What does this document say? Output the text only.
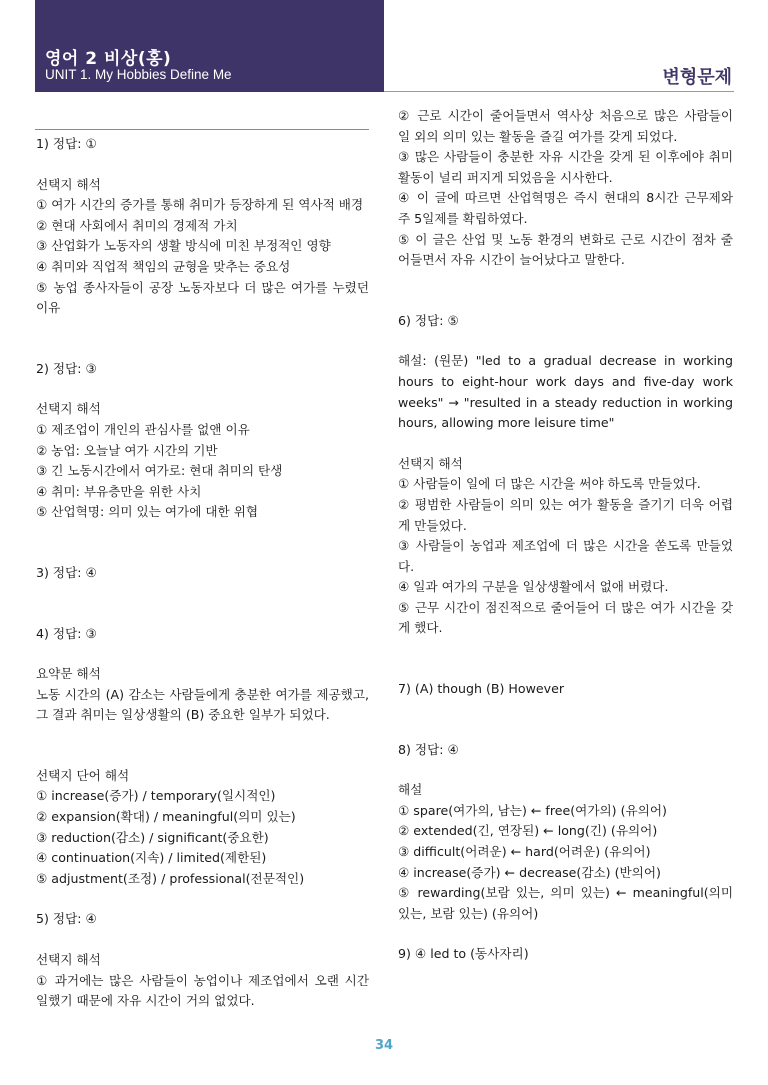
영어 2 비상(홍)
UNIT 1. My Hobbies Define Me	변형문제

1) 정답: ①

선택지 해석

① 여가 시간의 증가를 통해 취미가 등장하게 된 역사적 배경

② 현대 사회에서 취미의 경제적 가치

③ 산업화가 노동자의 생활 방식에 미친 부정적인 영향

④ 취미와 직업적 책임의 균형을 맞추는 중요성

⑤ 농업 종사자들이 공장 노동자보다 더 많은 여가를 누렸던 이유

2) 정답: ③

선택지 해석

① 제조업이 개인의 관심사를 없앤 이유

② 농업: 오늘날 여가 시간의 기반

③ 긴 노동시간에서 여가로: 현대 취미의 탄생

④ 취미: 부유층만을 위한 사치

⑤ 산업혁명: 의미 있는 여가에 대한 위협

3) 정답: ④

4) 정답: ③

요약문 해석

노동 시간의 (A) 감소는 사람들에게 충분한 여가를 제공했고, 그 결과 취미는 일상생활의 (B) 중요한 일부가 되었다.

선택지 단어 해석

① increase(증가) / temporary(일시적인)

② expansion(확대) / meaningful(의미 있는)

③ reduction(감소) / significant(중요한)

④ continuation(지속) / limited(제한된)

⑤ adjustment(조정) / professional(전문적인)

5) 정답: ④

선택지 해석

① 과거에는 많은 사람들이 농업이나 제조업에서 오랜 시간 일했기 때문에 자유 시간이 거의 없었다.

② 근로 시간이 줄어들면서 역사상 처음으로 많은 사람들이 일 외의 의미 있는 활동을 즐길 여가를 갖게 되었다.

③ 많은 사람들이 충분한 자유 시간을 갖게 된 이후에야 취미 활동이 널리 퍼지게 되었음을 시사한다.

④ 이 글에 따르면 산업혁명은 즉시 현대의 8시간 근무제와 주 5일제를 확립하였다.

⑤ 이 글은 산업 및 노동 환경의 변화로 근로 시간이 점차 줄어들면서 자유 시간이 늘어났다고 말한다.

6) 정답: ⑤

해설: (원문) "led to a gradual decrease in working hours to eight-hour work days and five-day work weeks" → "resulted in a steady reduction in working hours, allowing more leisure time"

선택지 해석

① 사람들이 일에 더 많은 시간을 써야 하도록 만들었다.

② 평범한 사람들이 의미 있는 여가 활동을 즐기기 더욱 어렵게 만들었다.

③ 사람들이 농업과 제조업에 더 많은 시간을 쏟도록 만들었다.

④ 일과 여가의 구분을 일상생활에서 없애 버렸다.

⑤ 근무 시간이 점진적으로 줄어들어 더 많은 여가 시간을 갖게 했다.

7) (A) though (B) However

8) 정답: ④

해설

① spare(여가의, 남는) ← free(여가의) (유의어)

② extended(긴, 연장된) ← long(긴) (유의어)

③ difficult(어려운) ← hard(어려운) (유의어)

④ increase(증가) ← decrease(감소) (반의어)

⑤ rewarding(보람 있는, 의미 있는) ← meaningful(의미 있는, 보람 있는) (유의어)

9) ④ led to (동사자리)

34
